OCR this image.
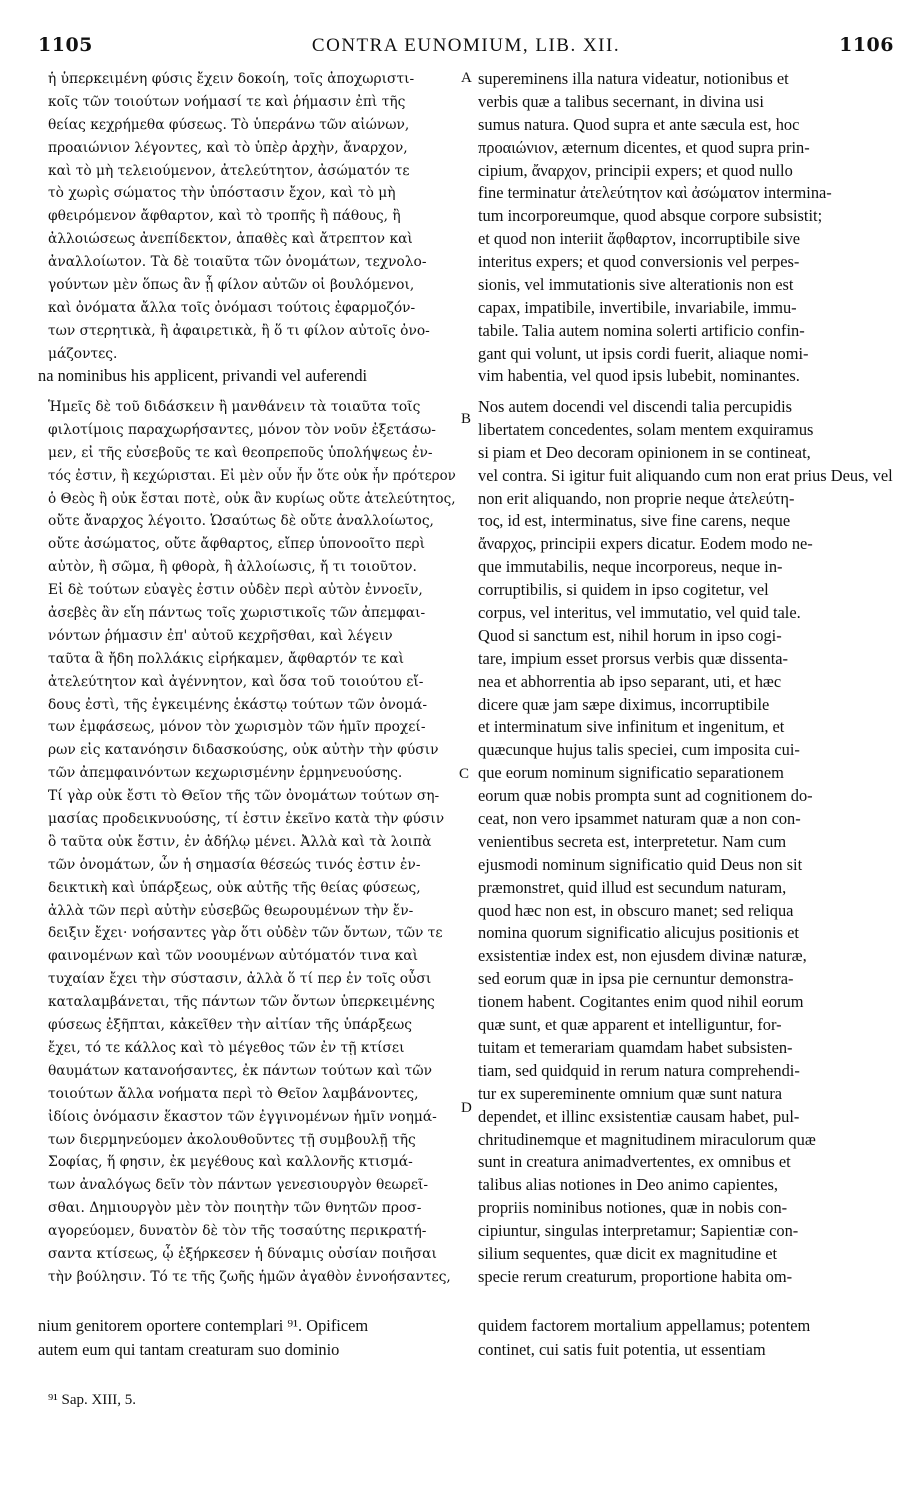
1105	CONTRA EUNOMIUM, LIB. XII.	1106
ἡ ὑπερκειμένη φύσις ἔχειν δοκοίη, τοῖς ἀποχωριστι-
κοῖς τῶν τοιούτων νοήμασί τε καὶ ῥήμασιν ἐπὶ τῆς
θείας κεχρήμεθα φύσεως. Τὸ ὑπεράνω τῶν αἰώνων,
προαιώνιον λέγοντες, καὶ τὸ ὑπὲρ ἀρχὴν, ἄναρχον,
καὶ τὸ μὴ τελειούμενον, ἀτελεύτητον, ἀσώματόν τε
τὸ χωρὶς σώματος τὴν ὑπόστασιν ἔχον, καὶ τὸ μὴ
φθειρόμενον ἄφθαρτον, καὶ τὸ τροπῆς ἢ πάθους, ἢ
ἀλλοιώσεως ἀνεπίδεκτον, ἀπαθὲς καὶ ἄτρεπτον καὶ
ἀναλλοίωτον. Τὰ δὲ τοιαῦτα τῶν ὀνομάτων, τεχνολο-
γούντων μὲν ὅπως ἂν ᾖ φίλον αὐτῶν οἱ βουλόμενοι,
καὶ ὀνόματα ἄλλα τοῖς ὀνόμασι τούτοις ἐφαρμοζόν-
των στερητικὰ, ἢ ἀφαιρετικὰ, ἢ ὅ τι φίλον αὐτοῖς ὀνο-
μάζοντες.
supereminens illa natura videatur, notionibus et
verbis quæ a talibus secernant, in divina usi
sumus natura. Quod supra et ante sæcula est, hoc
προαιώνιον, æternum dicentes, et quod supra prin-
cipium, ἄναρχον, principii expers; et quod nullo
fine terminatur ἀτελεύτητον καὶ ἀσώματον intermina-
tum incorporeumque, quod absque corpore subsistit;
et quod non interiit ἄφθαρτον, incorruptibile sive
interitus expers; et quod conversionis vel perpes-
sionis, vel immutationis sive alterationis non est
capax, impatibile, invertibile, invariabile, immu-
tabile. Talia autem nomina solerti artificio confin-
gant qui volunt, ut ipsis cordi fuerit, aliaque nomi-
A
na nominibus his applicent, privandi vel auferendi	vim habentia, vel quod ipsis lubebit, nominantes.
Ἡμεῖς δὲ τοῦ διδάσκειν ἢ μανθάνειν τὰ τοιαῦτα τοῖς
φιλοτίμοις παραχωρήσαντες, μόνον τὸν νοῦν ἐξετάσω-
μεν, εἰ τῆς εὐσεβοῦς τε καὶ θεοπρεποῦς ὑπολήψεως ἐν-
τός ἐστιν, ἢ κεχώρισται. Εἰ μὲν οὖν ἦν ὅτε οὐκ ἦν πρότερον
ὁ Θεὸς ἢ οὐκ ἔσται ποτὲ, οὐκ ἂν κυρίως οὔτε ἀτελεύτητος,
οὔτε ἄναρχος λέγοιτο. Ὡσαύτως δὲ οὔτε ἀναλλοίωτος,
οὔτε ἀσώματος, οὔτε ἄφθαρτος, εἴπερ ὑπονοοῖτο περὶ
αὐτὸν, ἢ σῶμα, ἢ φθορὰ, ἢ ἀλλοίωσις, ἤ τι τοιοῦτον.
Εἰ δὲ τούτων εὐαγὲς ἐστιν οὐδὲν περὶ αὐτὸν ἐννοεῖν,
ἀσεβὲς ἂν εἴη πάντως τοῖς χωριστικοῖς τῶν ἀπεμφαι-
νόντων ῥήμασιν ἐπ' αὐτοῦ κεχρῆσθαι, καὶ λέγειν
ταῦτα ἃ ἤδη πολλάκις εἰρήκαμεν, ἄφθαρτόν τε καὶ
ἀτελεύτητον καὶ ἀγέννητον, καὶ ὅσα τοῦ τοιούτου εἴ-
δους ἐστὶ, τῆς ἐγκειμένης ἑκάστῳ τούτων τῶν ὀνομά-
των ἐμφάσεως, μόνον τὸν χωρισμὸν τῶν ἡμῖν προχεί-
ρων εἰς κατανόησιν διδασκούσης, οὐκ αὐτὴν τὴν φύσιν
τῶν ἀπεμφαινόντων κεχωρισμένην ἑρμηνευούσης.
Τί γὰρ οὐκ ἔστι τὸ Θεῖον τῆς τῶν ὀνομάτων τούτων ση-
μασίας προδεικνυούσης, τί ἐστιν ἐκεῖνο κατὰ τὴν φύσιν
ὃ ταῦτα οὐκ ἔστιν, ἐν ἀδήλῳ μένει. Ἀλλὰ καὶ τὰ λοιπὰ
τῶν ὀνομάτων, ὧν ἡ σημασία θέσεώς τινός ἐστιν ἐν-
δεικτικὴ καὶ ὑπάρξεως, οὐκ αὐτῆς τῆς θείας φύσεως,
ἀλλὰ τῶν περὶ αὐτὴν εὐσεβῶς θεωρουμένων τὴν ἔν-
δειξιν ἔχει· νοήσαντες γὰρ ὅτι οὐδὲν τῶν ὄντων, τῶν τε
φαινομένων καὶ τῶν νοουμένων αὐτόματόν τινα καὶ
τυχαίαν ἔχει τὴν σύστασιν, ἀλλὰ ὅ τί περ ἐν τοῖς οὖσι
καταλαμβάνεται, τῆς πάντων τῶν ὄντων ὑπερκειμένης
φύσεως ἐξῆπται, κἀκεῖθεν τὴν αἰτίαν τῆς ὑπάρξεως
ἔχει, τό τε κάλλος καὶ τὸ μέγεθος τῶν ἐν τῇ κτίσει
θαυμάτων κατανοήσαντες, ἐκ πάντων τούτων καὶ τῶν
τοιούτων ἄλλα νοήματα περὶ τὸ Θεῖον λαμβάνοντες,
ἰδίοις ὀνόμασιν ἕκαστον τῶν ἐγγινομένων ἡμῖν νοημά-
των διερμηνεύομεν ἀκολουθοῦντες τῇ συμβουλῇ τῆς
Σοφίας, ἥ φησιν, ἐκ μεγέθους καὶ καλλονῆς κτισμά-
των ἀναλόγως δεῖν τὸν πάντων γενεσιουργὸν θεωρεῖ-
σθαι. Δημιουργὸν μὲν τὸν ποιητὴν τῶν θνητῶν προσ-
αγορεύομεν, δυνατὸν δὲ τὸν τῆς τοσαύτης περικρατή-
σαντα κτίσεως, ᾧ ἐξήρκεσεν ἡ δύναμις οὐσίαν ποιῆσαι
τὴν βούλησιν. Τό τε τῆς ζωῆς ἡμῶν ἀγαθὸν ἐννοήσαντες,
Nos autem docendi vel discendi talia percupidis
libertatem concedentes, solam mentem exquiramus
si piam et Deo decoram opinionem in se contineat,
vel contra. Si igitur fuit aliquando cum non erat prius Deus, vel
non erit aliquando, non proprie neque ἀτελεύτη-
τος, id est, interminatus, sive fine carens, neque
ἄναρχος, principii expers dicatur. Eodem modo ne-
que immutabilis, neque incorporeus, neque in-
corruptibilis, si quidem in ipso cogitetur, vel
corpus, vel interitus, vel immutatio, vel quid tale.
Quod si sanctum est, nihil horum in ipso cogi-
tare, impium esset prorsus verbis quæ dissenta-
nea et abhorrentia ab ipso separant, uti, et hæc
dicere quæ jam sæpe diximus, incorruptibile
et interminatum sive infinitum et ingenitum, et
quæcunque hujus talis speciei, cum imposita cui-
que eorum nominum significatio separationem
eorum quæ nobis prompta sunt ad cognitionem do-
ceat, non vero ipsammet naturam quæ a non con-
venientibus secreta est, interpretetur. Nam cum
ejusmodi nominum significatio quid Deus non sit
præmonstret, quid illud est secundum naturam,
quod hæc non est, in obscuro manet; sed reliqua
nomina quorum significatio alicujus positionis et
exsistentiæ index est, non ejusdem divinæ naturæ,
sed eorum quæ in ipsa pie cernuntur demonstra-
tionem habent. Cogitantes enim quod nihil eorum
quæ sunt, et quæ apparent et intelliguntur, for-
tuitam et temerariam quamdam habet subsisten-
tiam, sed quidquid in rerum natura comprehendi-
tur ex supereminente omnium quæ sunt natura
dependet, et illinc exsistentiæ causam habet, pul-
chritudinemque et magnitudinem miraculorum quæ
sunt in creatura animadvertentes, ex omnibus et
talibus alias notiones in Deo animo capientes,
propriis nominibus notiones, quæ in nobis con-
cipiuntur, singulas interpretamur; Sapientiæ con-
silium sequentes, quæ dicit ex magnitudine et
specie rerum creaturum, proportione habita om-
B
C
D
nium genitorem oportere contemplari ⁹¹. Opificem	quidem factorem mortalium appellamus; potentem
autem eum qui tantam creaturam suo dominio	continet, cui satis fuit potentia, ut essentiam
⁹¹ Sap. XIII, 5.
